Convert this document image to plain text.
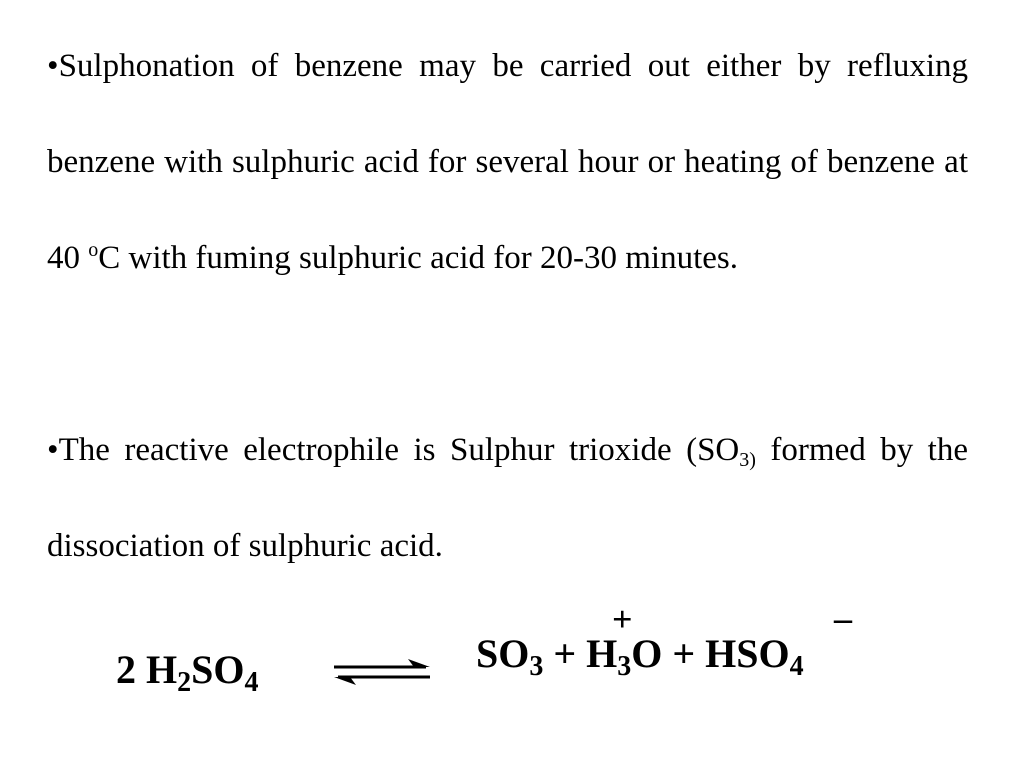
•Sulphonation of benzene may be carried out either by refluxing benzene with sulphuric acid for several hour or heating of benzene at 40 $^o$C with fuming sulphuric acid for 20-30 minutes.
•The reactive electrophile is Sulphur trioxide ($SO_{3)}$ formed by the dissociation of sulphuric acid.
2 $H_2SO_4$
+	–
$SO_3 + H_3O + HSO_4$
